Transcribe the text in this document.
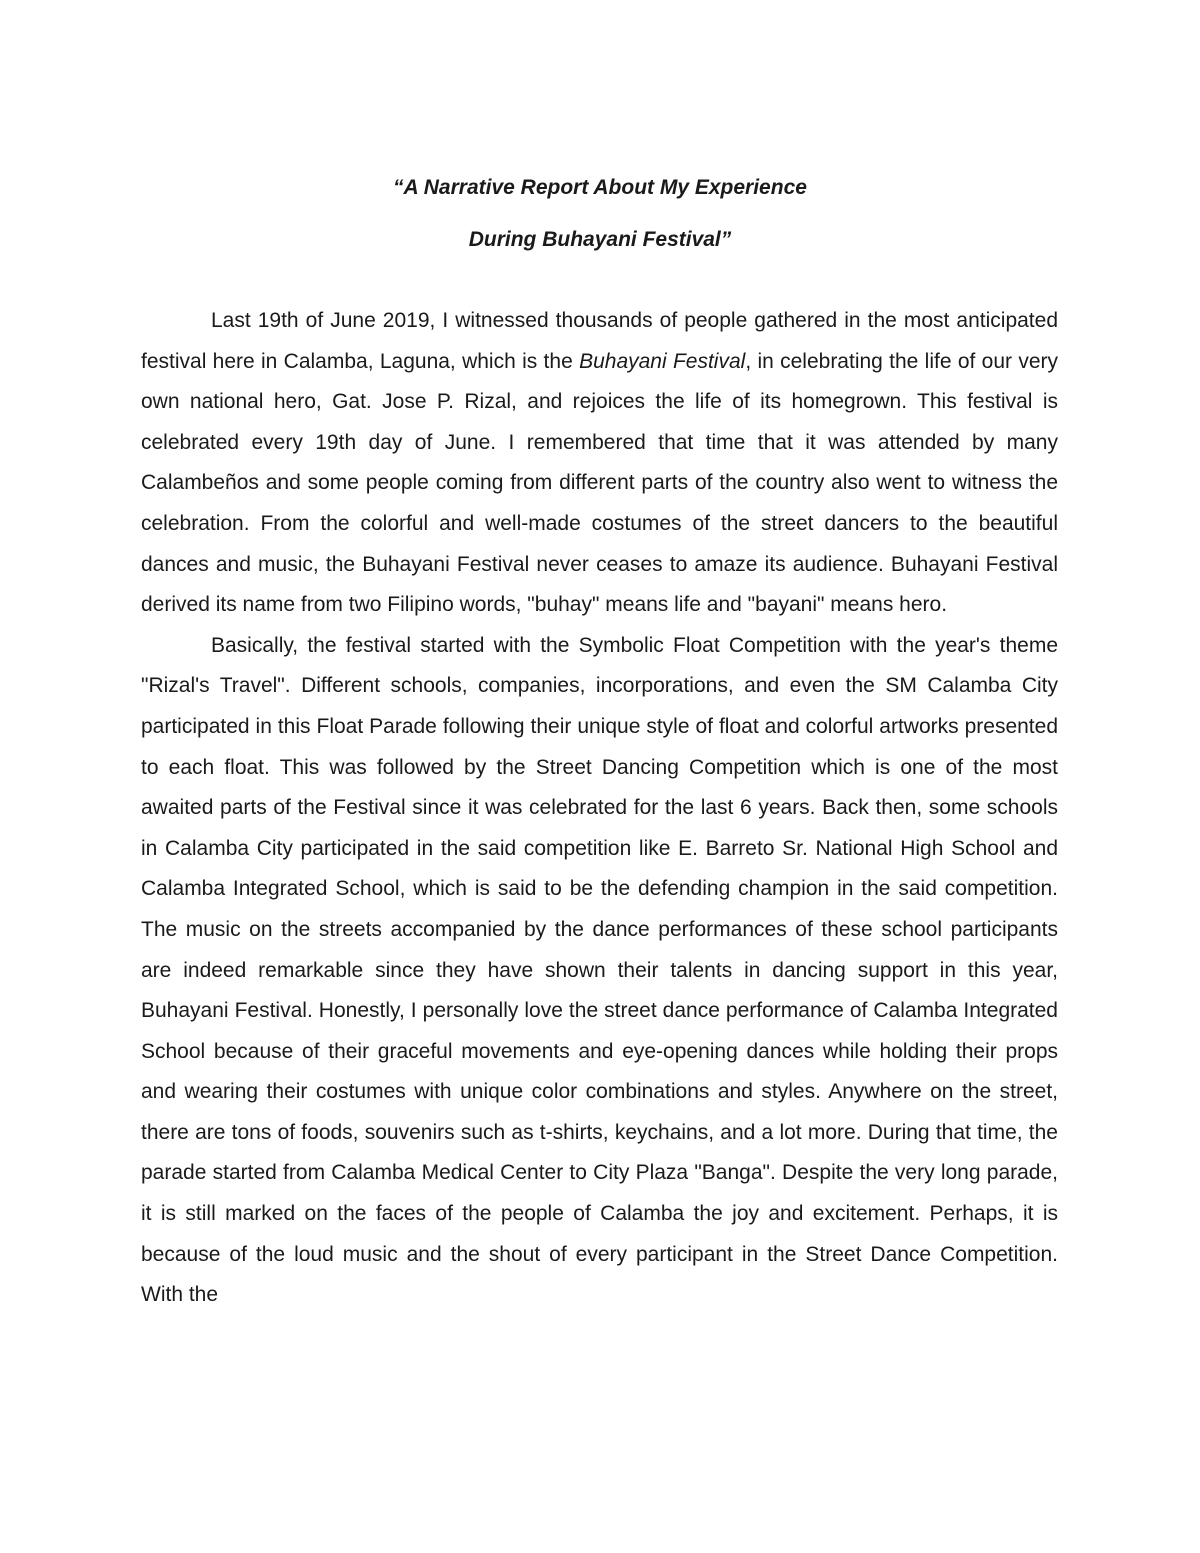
“A Narrative Report About My Experience

During Buhayani Festival”

Last 19th of June 2019, I witnessed thousands of people gathered in the most anticipated festival here in Calamba, Laguna, which is the Buhayani Festival, in celebrating the life of our very own national hero, Gat. Jose P. Rizal, and rejoices the life of its homegrown. This festival is celebrated every 19th day of June. I remembered that time that it was attended by many Calambeños and some people coming from different parts of the country also went to witness the celebration. From the colorful and well-made costumes of the street dancers to the beautiful dances and music, the Buhayani Festival never ceases to amaze its audience. Buhayani Festival derived its name from two Filipino words, "buhay" means life and "bayani" means hero.

Basically, the festival started with the Symbolic Float Competition with the year's theme "Rizal's Travel". Different schools, companies, incorporations, and even the SM Calamba City participated in this Float Parade following their unique style of float and colorful artworks presented to each float. This was followed by the Street Dancing Competition which is one of the most awaited parts of the Festival since it was celebrated for the last 6 years. Back then, some schools in Calamba City participated in the said competition like E. Barreto Sr. National High School and Calamba Integrated School, which is said to be the defending champion in the said competition. The music on the streets accompanied by the dance performances of these school participants are indeed remarkable since they have shown their talents in dancing support in this year, Buhayani Festival. Honestly, I personally love the street dance performance of Calamba Integrated School because of their graceful movements and eye-opening dances while holding their props and wearing their costumes with unique color combinations and styles. Anywhere on the street, there are tons of foods, souvenirs such as t-shirts, keychains, and a lot more. During that time, the parade started from Calamba Medical Center to City Plaza "Banga". Despite the very long parade, it is still marked on the faces of the people of Calamba the joy and excitement. Perhaps, it is because of the loud music and the shout of every participant in the Street Dance Competition. With the
